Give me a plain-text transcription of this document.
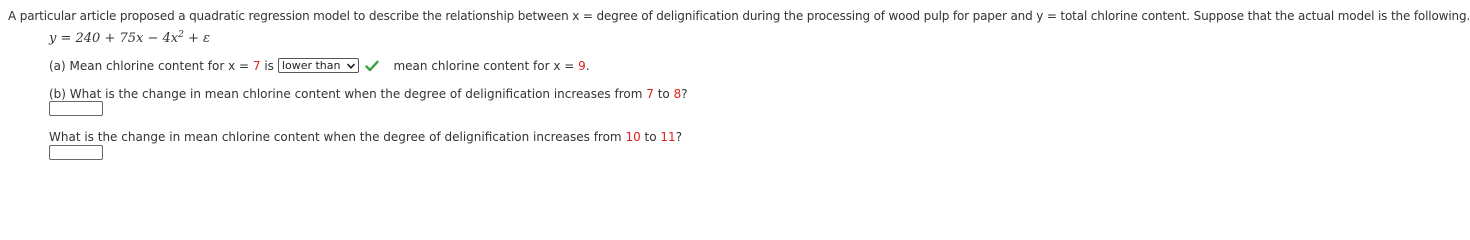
A particular article proposed a quadratic regression model to describe the relationship between x = degree of delignification during the processing of wood pulp for paper and y = total chlorine content. Suppose that the actual model is the following.
$y = 240 + 75x - 4x^2 + \varepsilon$
(a) Mean chlorine content for x = 7 is lower than	mean chlorine content for x = 9 .
(b) What is the change in mean chlorine content when the degree of delignification increases from 7 to 8?
What is the change in mean chlorine content when the degree of delignification increases from 10 to 11?
